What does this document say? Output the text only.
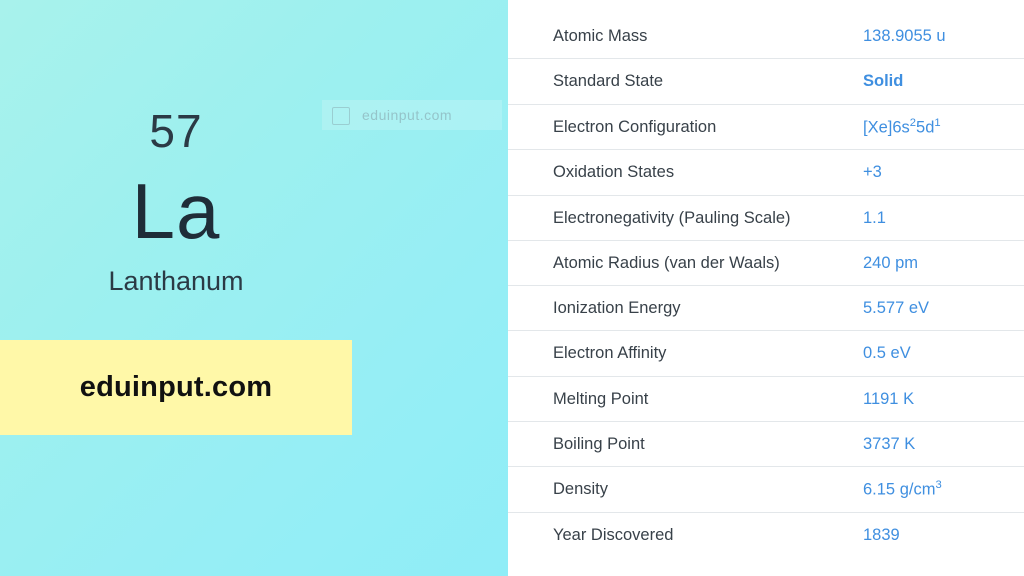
eduinput.com
57
La
Lanthanum
eduinput.com
Atomic Mass	138.9055 u
Standard State	Solid
Electron Configuration	$[Xe]6s^25d^1$
Oxidation States	+3
Electronegativity (Pauling Scale)	1.1
Atomic Radius (van der Waals)	240 pm
Ionization Energy	5.577 eV
Electron Affinity	0.5 eV
Melting Point	1191 K
Boiling Point	3737 K
Density	6.15 $g/cm^3$
Year Discovered	1839
